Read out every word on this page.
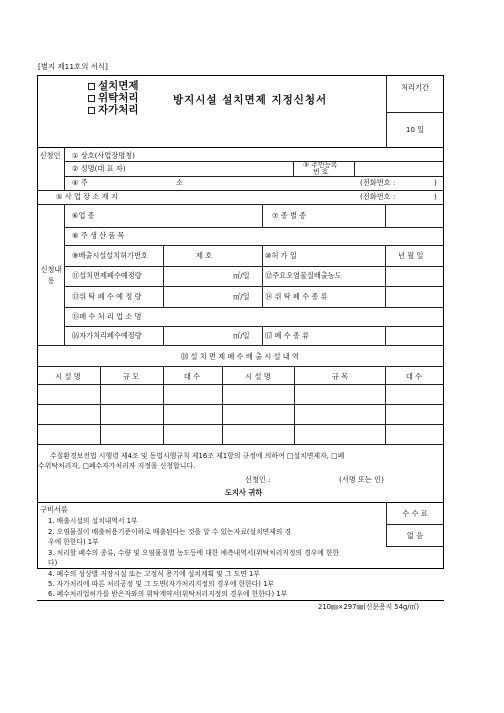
[별지 제11호의 서식]
설치면제
위탁처리
자가처리
방지시설 설치면제 지정신청서
처리기간
10 일
신청인 ① 상호(사업장명칭)
② 성명(대 표 자)	③ 주민등록
번 호
④ 주	소	(전화번호 :	)
⑤ 사 업 장 소 재 지	(전화번호 :	)
신청내용
⑥업 종	⑦ 종 별 종
⑧ 주 생 산 품 목
⑨배출시설설치허가번호	제 호	⑩허 가 일	년 월 일
⑪설치면제폐수예정량	㎥/일 ⑫주요오염물질배출농도
⑬위 탁 폐 수 예 정 량	㎥/일 ⑭ 위 탁 폐 수 종 류
⑮폐 수 처 리 업 소 명
⒃자가처리폐수예정량	㎥/일 ⒄ 폐 수 종 류
⒅ 설 치 면 제 폐 수 배 출 시 설 내 역
시 설 명	규 모	대 수	시 설 명	규 목	대 수
수질환경보전법 시행령 제4조 및 동법시행규칙 제16조 제1항의 규정에 의하여 □설치면제자, □폐
수위탁처리자, □폐수자가처리자 지정을 신청합니다.
신청인 :	(서명 또는 인)
도지사 귀하
수 수 료
없 음
구비서류
1. 배출시설의 설치내역서 1부
2. 오염물질이 배출허용기준이하로 배출된다는 것을 알 수 있는자료(설치면제의 경
우에 한한다) 1부
3. 처리할 폐수의 종류, 수량 및 오염물질별 농도등에 대한 예측내역서(위탁처리지정의 경우에 한한
다)
4. 폐수의 성상별 저장시설 또는 고정식 용기에 설치계획 및 그 도면 1부
5. 자가처리에 따른 처리공정 및 그 도면(자가처리지정의 경우에 한한다) 1부
6. 폐수처리업허가를 받은자와의 위탁계약서(위탁처리지정의 경우에 한한다) 1부
210㎜×297㎜(신문용지 54g/㎡)
